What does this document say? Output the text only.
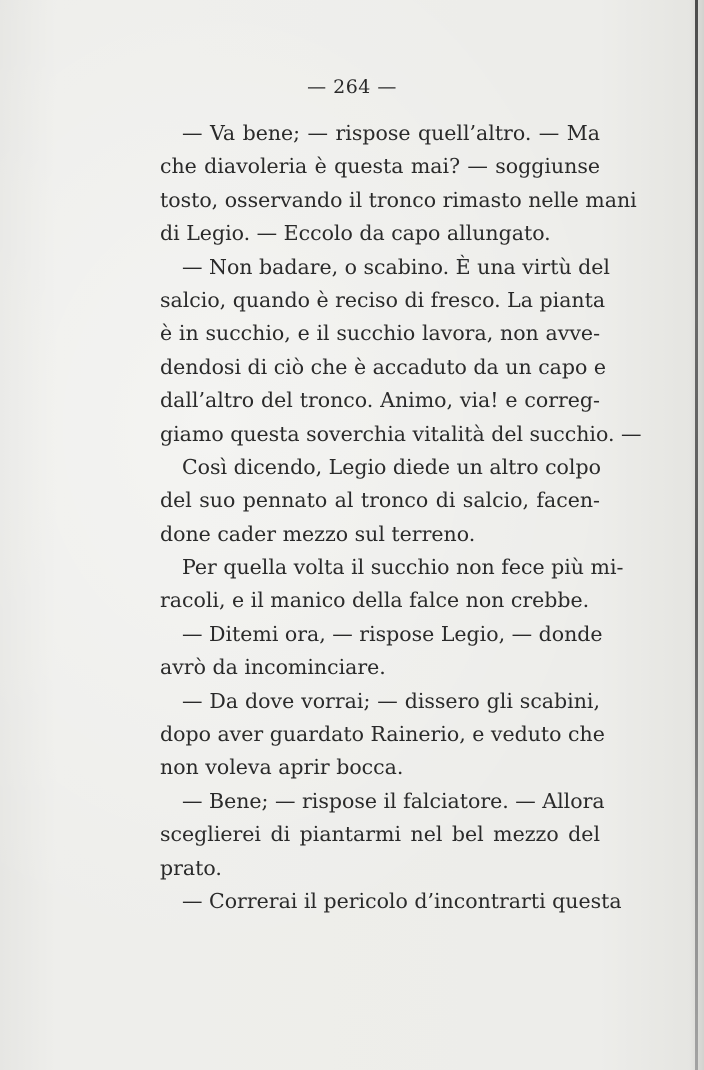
— 264 —
— Va bene; — rispose quell’altro. — Ma
che diavoleria è questa mai? — soggiunse
tosto, osservando il tronco rimasto nelle mani
di Legio. — Eccolo da capo allungato.
— Non badare, o scabino. È una virtù del
salcio, quando è reciso di fresco. La pianta
è in succhio, e il succhio lavora, non avve-
dendosi di ciò che è accaduto da un capo e
dall’altro del tronco. Animo, via! e correg-
giamo questa soverchia vitalità del succhio. —
Così dicendo, Legio diede un altro colpo
del suo pennato al tronco di salcio, facen-
done cader mezzo sul terreno.
Per quella volta il succhio non fece più mi-
racoli, e il manico della falce non crebbe.
— Ditemi ora, — rispose Legio, — donde
avrò da incominciare.
— Da dove vorrai; — dissero gli scabini,
dopo aver guardato Rainerio, e veduto che
non voleva aprir bocca.
— Bene; — rispose il falciatore. — Allora
sceglierei di piantarmi nel bel mezzo del
prato.
— Correrai il pericolo d’incontrarti questa
